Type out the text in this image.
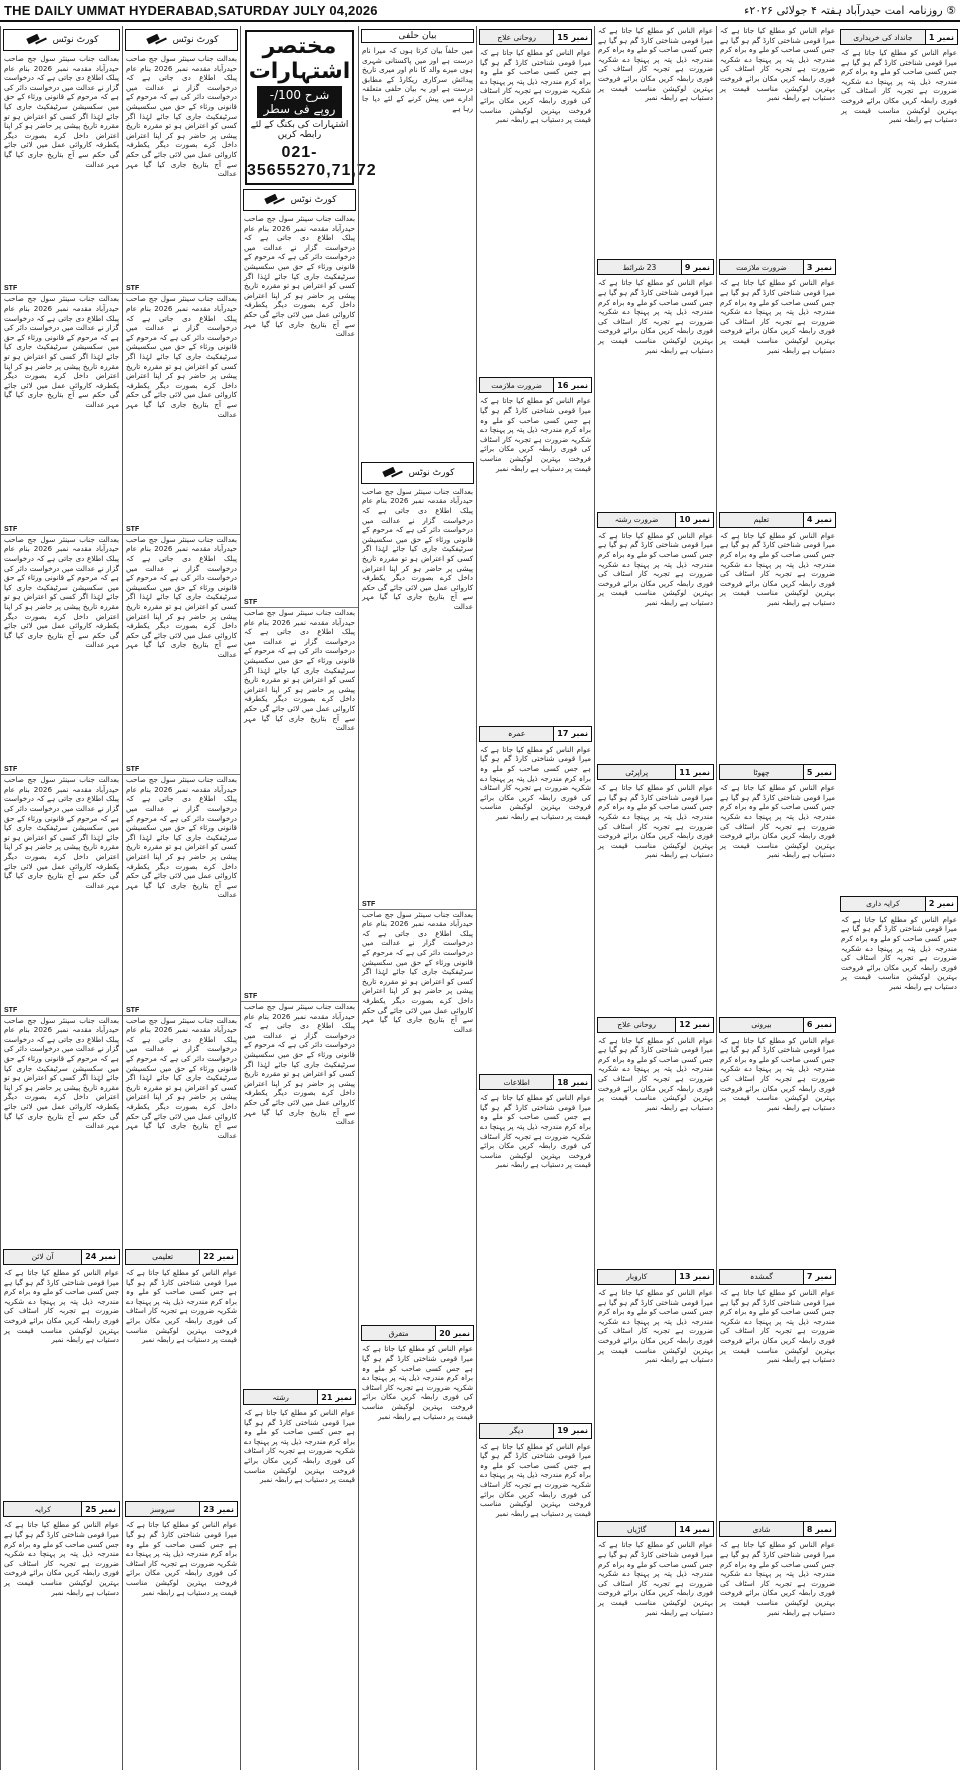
THE DAILY UMMAT HYDERABAD,SATURDAY JULY 04,2026	⑤ روزنامہ امت حیدرآباد ہفتہ ۴ جولائی ۲۰۲۶ء
کورٹ نوٹس
بعدالت جناب سینئر سول جج صاحب حیدرآباد مقدمہ نمبر 2026 بنام عام پبلک اطلاع دی جاتی ہے کہ درخواست گزار نے عدالت میں درخواست دائر کی ہے کہ مرحوم کے قانونی ورثاء کے حق میں سکسیشن سرٹیفکیٹ جاری کیا جائے لہٰذا اگر کسی کو اعتراض ہو تو مقررہ تاریخ پیشی پر حاضر ہو کر اپنا اعتراض داخل کرے بصورت دیگر یکطرفہ کاروائی عمل میں لائی جائے گی حکم سے آج بتاریخ جاری کیا گیا مہر عدالت
STF
بعدالت جناب سینئر سول جج صاحب حیدرآباد مقدمہ نمبر 2026 بنام عام پبلک اطلاع دی جاتی ہے کہ درخواست گزار نے عدالت میں درخواست دائر کی ہے کہ مرحوم کے قانونی ورثاء کے حق میں سکسیشن سرٹیفکیٹ جاری کیا جائے لہٰذا اگر کسی کو اعتراض ہو تو مقررہ تاریخ پیشی پر حاضر ہو کر اپنا اعتراض داخل کرے بصورت دیگر یکطرفہ کاروائی عمل میں لائی جائے گی حکم سے آج بتاریخ جاری کیا گیا مہر عدالت
STF
بعدالت جناب سینئر سول جج صاحب حیدرآباد مقدمہ نمبر 2026 بنام عام پبلک اطلاع دی جاتی ہے کہ درخواست گزار نے عدالت میں درخواست دائر کی ہے کہ مرحوم کے قانونی ورثاء کے حق میں سکسیشن سرٹیفکیٹ جاری کیا جائے لہٰذا اگر کسی کو اعتراض ہو تو مقررہ تاریخ پیشی پر حاضر ہو کر اپنا اعتراض داخل کرے بصورت دیگر یکطرفہ کاروائی عمل میں لائی جائے گی حکم سے آج بتاریخ جاری کیا گیا مہر عدالت
STF
بعدالت جناب سینئر سول جج صاحب حیدرآباد مقدمہ نمبر 2026 بنام عام پبلک اطلاع دی جاتی ہے کہ درخواست گزار نے عدالت میں درخواست دائر کی ہے کہ مرحوم کے قانونی ورثاء کے حق میں سکسیشن سرٹیفکیٹ جاری کیا جائے لہٰذا اگر کسی کو اعتراض ہو تو مقررہ تاریخ پیشی پر حاضر ہو کر اپنا اعتراض داخل کرے بصورت دیگر یکطرفہ کاروائی عمل میں لائی جائے گی حکم سے آج بتاریخ جاری کیا گیا مہر عدالت
STF
بعدالت جناب سینئر سول جج صاحب حیدرآباد مقدمہ نمبر 2026 بنام عام پبلک اطلاع دی جاتی ہے کہ درخواست گزار نے عدالت میں درخواست دائر کی ہے کہ مرحوم کے قانونی ورثاء کے حق میں سکسیشن سرٹیفکیٹ جاری کیا جائے لہٰذا اگر کسی کو اعتراض ہو تو مقررہ تاریخ پیشی پر حاضر ہو کر اپنا اعتراض داخل کرے بصورت دیگر یکطرفہ کاروائی عمل میں لائی جائے گی حکم سے آج بتاریخ جاری کیا گیا مہر عدالت
نمبر
24
آن لائن
عوام الناس کو مطلع کیا جاتا ہے کہ میرا قومی شناختی کارڈ گم ہو گیا ہے جس کسی صاحب کو ملے وہ براہ کرم مندرجہ ذیل پتہ پر پہنچا دے شکریہ ضرورت ہے تجربہ کار اسٹاف کی فوری رابطہ کریں مکان برائے فروخت بہترین لوکیشن مناسب قیمت پر دستیاب ہے رابطہ نمبر
نمبر
25
کرایہ
عوام الناس کو مطلع کیا جاتا ہے کہ میرا قومی شناختی کارڈ گم ہو گیا ہے جس کسی صاحب کو ملے وہ براہ کرم مندرجہ ذیل پتہ پر پہنچا دے شکریہ ضرورت ہے تجربہ کار اسٹاف کی فوری رابطہ کریں مکان برائے فروخت بہترین لوکیشن مناسب قیمت پر دستیاب ہے رابطہ نمبر
کورٹ نوٹس
بعدالت جناب سینئر سول جج صاحب حیدرآباد مقدمہ نمبر 2026 بنام عام پبلک اطلاع دی جاتی ہے کہ درخواست گزار نے عدالت میں درخواست دائر کی ہے کہ مرحوم کے قانونی ورثاء کے حق میں سکسیشن سرٹیفکیٹ جاری کیا جائے لہٰذا اگر کسی کو اعتراض ہو تو مقررہ تاریخ پیشی پر حاضر ہو کر اپنا اعتراض داخل کرے بصورت دیگر یکطرفہ کاروائی عمل میں لائی جائے گی حکم سے آج بتاریخ جاری کیا گیا مہر عدالت
STF
بعدالت جناب سینئر سول جج صاحب حیدرآباد مقدمہ نمبر 2026 بنام عام پبلک اطلاع دی جاتی ہے کہ درخواست گزار نے عدالت میں درخواست دائر کی ہے کہ مرحوم کے قانونی ورثاء کے حق میں سکسیشن سرٹیفکیٹ جاری کیا جائے لہٰذا اگر کسی کو اعتراض ہو تو مقررہ تاریخ پیشی پر حاضر ہو کر اپنا اعتراض داخل کرے بصورت دیگر یکطرفہ کاروائی عمل میں لائی جائے گی حکم سے آج بتاریخ جاری کیا گیا مہر عدالت
STF
بعدالت جناب سینئر سول جج صاحب حیدرآباد مقدمہ نمبر 2026 بنام عام پبلک اطلاع دی جاتی ہے کہ درخواست گزار نے عدالت میں درخواست دائر کی ہے کہ مرحوم کے قانونی ورثاء کے حق میں سکسیشن سرٹیفکیٹ جاری کیا جائے لہٰذا اگر کسی کو اعتراض ہو تو مقررہ تاریخ پیشی پر حاضر ہو کر اپنا اعتراض داخل کرے بصورت دیگر یکطرفہ کاروائی عمل میں لائی جائے گی حکم سے آج بتاریخ جاری کیا گیا مہر عدالت
STF
بعدالت جناب سینئر سول جج صاحب حیدرآباد مقدمہ نمبر 2026 بنام عام پبلک اطلاع دی جاتی ہے کہ درخواست گزار نے عدالت میں درخواست دائر کی ہے کہ مرحوم کے قانونی ورثاء کے حق میں سکسیشن سرٹیفکیٹ جاری کیا جائے لہٰذا اگر کسی کو اعتراض ہو تو مقررہ تاریخ پیشی پر حاضر ہو کر اپنا اعتراض داخل کرے بصورت دیگر یکطرفہ کاروائی عمل میں لائی جائے گی حکم سے آج بتاریخ جاری کیا گیا مہر عدالت
STF
بعدالت جناب سینئر سول جج صاحب حیدرآباد مقدمہ نمبر 2026 بنام عام پبلک اطلاع دی جاتی ہے کہ درخواست گزار نے عدالت میں درخواست دائر کی ہے کہ مرحوم کے قانونی ورثاء کے حق میں سکسیشن سرٹیفکیٹ جاری کیا جائے لہٰذا اگر کسی کو اعتراض ہو تو مقررہ تاریخ پیشی پر حاضر ہو کر اپنا اعتراض داخل کرے بصورت دیگر یکطرفہ کاروائی عمل میں لائی جائے گی حکم سے آج بتاریخ جاری کیا گیا مہر عدالت
نمبر
22
تعلیمی
عوام الناس کو مطلع کیا جاتا ہے کہ میرا قومی شناختی کارڈ گم ہو گیا ہے جس کسی صاحب کو ملے وہ براہ کرم مندرجہ ذیل پتہ پر پہنچا دے شکریہ ضرورت ہے تجربہ کار اسٹاف کی فوری رابطہ کریں مکان برائے فروخت بہترین لوکیشن مناسب قیمت پر دستیاب ہے رابطہ نمبر
نمبر
23
سروسز
عوام الناس کو مطلع کیا جاتا ہے کہ میرا قومی شناختی کارڈ گم ہو گیا ہے جس کسی صاحب کو ملے وہ براہ کرم مندرجہ ذیل پتہ پر پہنچا دے شکریہ ضرورت ہے تجربہ کار اسٹاف کی فوری رابطہ کریں مکان برائے فروخت بہترین لوکیشن مناسب قیمت پر دستیاب ہے رابطہ نمبر
مختصر اشتہارات
شرح 100/- روپے فی سطر
اشتہارات کی بکنگ کے لئے رابطہ کریں
021-35655270,71,72
کورٹ نوٹس
بعدالت جناب سینئر سول جج صاحب حیدرآباد مقدمہ نمبر 2026 بنام عام پبلک اطلاع دی جاتی ہے کہ درخواست گزار نے عدالت میں درخواست دائر کی ہے کہ مرحوم کے قانونی ورثاء کے حق میں سکسیشن سرٹیفکیٹ جاری کیا جائے لہٰذا اگر کسی کو اعتراض ہو تو مقررہ تاریخ پیشی پر حاضر ہو کر اپنا اعتراض داخل کرے بصورت دیگر یکطرفہ کاروائی عمل میں لائی جائے گی حکم سے آج بتاریخ جاری کیا گیا مہر عدالت
STF
بعدالت جناب سینئر سول جج صاحب حیدرآباد مقدمہ نمبر 2026 بنام عام پبلک اطلاع دی جاتی ہے کہ درخواست گزار نے عدالت میں درخواست دائر کی ہے کہ مرحوم کے قانونی ورثاء کے حق میں سکسیشن سرٹیفکیٹ جاری کیا جائے لہٰذا اگر کسی کو اعتراض ہو تو مقررہ تاریخ پیشی پر حاضر ہو کر اپنا اعتراض داخل کرے بصورت دیگر یکطرفہ کاروائی عمل میں لائی جائے گی حکم سے آج بتاریخ جاری کیا گیا مہر عدالت
STF
بعدالت جناب سینئر سول جج صاحب حیدرآباد مقدمہ نمبر 2026 بنام عام پبلک اطلاع دی جاتی ہے کہ درخواست گزار نے عدالت میں درخواست دائر کی ہے کہ مرحوم کے قانونی ورثاء کے حق میں سکسیشن سرٹیفکیٹ جاری کیا جائے لہٰذا اگر کسی کو اعتراض ہو تو مقررہ تاریخ پیشی پر حاضر ہو کر اپنا اعتراض داخل کرے بصورت دیگر یکطرفہ کاروائی عمل میں لائی جائے گی حکم سے آج بتاریخ جاری کیا گیا مہر عدالت
نمبر
21
رشتہ
عوام الناس کو مطلع کیا جاتا ہے کہ میرا قومی شناختی کارڈ گم ہو گیا ہے جس کسی صاحب کو ملے وہ براہ کرم مندرجہ ذیل پتہ پر پہنچا دے شکریہ ضرورت ہے تجربہ کار اسٹاف کی فوری رابطہ کریں مکان برائے فروخت بہترین لوکیشن مناسب قیمت پر دستیاب ہے رابطہ نمبر
بیان حلفی
میں حلفاً بیان کرتا ہوں کہ میرا نام درست ہے اور میں پاکستانی شہری ہوں میرے والد کا نام اور میری تاریخ پیدائش سرکاری ریکارڈ کے مطابق درست ہے اور یہ بیان حلفی متعلقہ ادارے میں پیش کرنے کے لئے دیا جا رہا ہے
کورٹ نوٹس
بعدالت جناب سینئر سول جج صاحب حیدرآباد مقدمہ نمبر 2026 بنام عام پبلک اطلاع دی جاتی ہے کہ درخواست گزار نے عدالت میں درخواست دائر کی ہے کہ مرحوم کے قانونی ورثاء کے حق میں سکسیشن سرٹیفکیٹ جاری کیا جائے لہٰذا اگر کسی کو اعتراض ہو تو مقررہ تاریخ پیشی پر حاضر ہو کر اپنا اعتراض داخل کرے بصورت دیگر یکطرفہ کاروائی عمل میں لائی جائے گی حکم سے آج بتاریخ جاری کیا گیا مہر عدالت
STF
بعدالت جناب سینئر سول جج صاحب حیدرآباد مقدمہ نمبر 2026 بنام عام پبلک اطلاع دی جاتی ہے کہ درخواست گزار نے عدالت میں درخواست دائر کی ہے کہ مرحوم کے قانونی ورثاء کے حق میں سکسیشن سرٹیفکیٹ جاری کیا جائے لہٰذا اگر کسی کو اعتراض ہو تو مقررہ تاریخ پیشی پر حاضر ہو کر اپنا اعتراض داخل کرے بصورت دیگر یکطرفہ کاروائی عمل میں لائی جائے گی حکم سے آج بتاریخ جاری کیا گیا مہر عدالت
نمبر
20
متفرق
عوام الناس کو مطلع کیا جاتا ہے کہ میرا قومی شناختی کارڈ گم ہو گیا ہے جس کسی صاحب کو ملے وہ براہ کرم مندرجہ ذیل پتہ پر پہنچا دے شکریہ ضرورت ہے تجربہ کار اسٹاف کی فوری رابطہ کریں مکان برائے فروخت بہترین لوکیشن مناسب قیمت پر دستیاب ہے رابطہ نمبر
نمبر
15
روحانی علاج
عوام الناس کو مطلع کیا جاتا ہے کہ میرا قومی شناختی کارڈ گم ہو گیا ہے جس کسی صاحب کو ملے وہ براہ کرم مندرجہ ذیل پتہ پر پہنچا دے شکریہ ضرورت ہے تجربہ کار اسٹاف کی فوری رابطہ کریں مکان برائے فروخت بہترین لوکیشن مناسب قیمت پر دستیاب ہے رابطہ نمبر
نمبر
16
ضرورت ملازمت
عوام الناس کو مطلع کیا جاتا ہے کہ میرا قومی شناختی کارڈ گم ہو گیا ہے جس کسی صاحب کو ملے وہ براہ کرم مندرجہ ذیل پتہ پر پہنچا دے شکریہ ضرورت ہے تجربہ کار اسٹاف کی فوری رابطہ کریں مکان برائے فروخت بہترین لوکیشن مناسب قیمت پر دستیاب ہے رابطہ نمبر
نمبر
17
عمرہ
عوام الناس کو مطلع کیا جاتا ہے کہ میرا قومی شناختی کارڈ گم ہو گیا ہے جس کسی صاحب کو ملے وہ براہ کرم مندرجہ ذیل پتہ پر پہنچا دے شکریہ ضرورت ہے تجربہ کار اسٹاف کی فوری رابطہ کریں مکان برائے فروخت بہترین لوکیشن مناسب قیمت پر دستیاب ہے رابطہ نمبر
نمبر
18
اطلاعات
عوام الناس کو مطلع کیا جاتا ہے کہ میرا قومی شناختی کارڈ گم ہو گیا ہے جس کسی صاحب کو ملے وہ براہ کرم مندرجہ ذیل پتہ پر پہنچا دے شکریہ ضرورت ہے تجربہ کار اسٹاف کی فوری رابطہ کریں مکان برائے فروخت بہترین لوکیشن مناسب قیمت پر دستیاب ہے رابطہ نمبر
نمبر
19
دیگر
عوام الناس کو مطلع کیا جاتا ہے کہ میرا قومی شناختی کارڈ گم ہو گیا ہے جس کسی صاحب کو ملے وہ براہ کرم مندرجہ ذیل پتہ پر پہنچا دے شکریہ ضرورت ہے تجربہ کار اسٹاف کی فوری رابطہ کریں مکان برائے فروخت بہترین لوکیشن مناسب قیمت پر دستیاب ہے رابطہ نمبر
عوام الناس کو مطلع کیا جاتا ہے کہ میرا قومی شناختی کارڈ گم ہو گیا ہے جس کسی صاحب کو ملے وہ براہ کرم مندرجہ ذیل پتہ پر پہنچا دے شکریہ ضرورت ہے تجربہ کار اسٹاف کی فوری رابطہ کریں مکان برائے فروخت بہترین لوکیشن مناسب قیمت پر دستیاب ہے رابطہ نمبر
نمبر
9
23 شرائط
عوام الناس کو مطلع کیا جاتا ہے کہ میرا قومی شناختی کارڈ گم ہو گیا ہے جس کسی صاحب کو ملے وہ براہ کرم مندرجہ ذیل پتہ پر پہنچا دے شکریہ ضرورت ہے تجربہ کار اسٹاف کی فوری رابطہ کریں مکان برائے فروخت بہترین لوکیشن مناسب قیمت پر دستیاب ہے رابطہ نمبر
نمبر
10
ضرورت رشتہ
عوام الناس کو مطلع کیا جاتا ہے کہ میرا قومی شناختی کارڈ گم ہو گیا ہے جس کسی صاحب کو ملے وہ براہ کرم مندرجہ ذیل پتہ پر پہنچا دے شکریہ ضرورت ہے تجربہ کار اسٹاف کی فوری رابطہ کریں مکان برائے فروخت بہترین لوکیشن مناسب قیمت پر دستیاب ہے رابطہ نمبر
نمبر
11
پراپرٹی
عوام الناس کو مطلع کیا جاتا ہے کہ میرا قومی شناختی کارڈ گم ہو گیا ہے جس کسی صاحب کو ملے وہ براہ کرم مندرجہ ذیل پتہ پر پہنچا دے شکریہ ضرورت ہے تجربہ کار اسٹاف کی فوری رابطہ کریں مکان برائے فروخت بہترین لوکیشن مناسب قیمت پر دستیاب ہے رابطہ نمبر
نمبر
12
روحانی علاج
عوام الناس کو مطلع کیا جاتا ہے کہ میرا قومی شناختی کارڈ گم ہو گیا ہے جس کسی صاحب کو ملے وہ براہ کرم مندرجہ ذیل پتہ پر پہنچا دے شکریہ ضرورت ہے تجربہ کار اسٹاف کی فوری رابطہ کریں مکان برائے فروخت بہترین لوکیشن مناسب قیمت پر دستیاب ہے رابطہ نمبر
نمبر
13
کاروبار
عوام الناس کو مطلع کیا جاتا ہے کہ میرا قومی شناختی کارڈ گم ہو گیا ہے جس کسی صاحب کو ملے وہ براہ کرم مندرجہ ذیل پتہ پر پہنچا دے شکریہ ضرورت ہے تجربہ کار اسٹاف کی فوری رابطہ کریں مکان برائے فروخت بہترین لوکیشن مناسب قیمت پر دستیاب ہے رابطہ نمبر
نمبر
14
گاڑیاں
عوام الناس کو مطلع کیا جاتا ہے کہ میرا قومی شناختی کارڈ گم ہو گیا ہے جس کسی صاحب کو ملے وہ براہ کرم مندرجہ ذیل پتہ پر پہنچا دے شکریہ ضرورت ہے تجربہ کار اسٹاف کی فوری رابطہ کریں مکان برائے فروخت بہترین لوکیشن مناسب قیمت پر دستیاب ہے رابطہ نمبر
عوام الناس کو مطلع کیا جاتا ہے کہ میرا قومی شناختی کارڈ گم ہو گیا ہے جس کسی صاحب کو ملے وہ براہ کرم مندرجہ ذیل پتہ پر پہنچا دے شکریہ ضرورت ہے تجربہ کار اسٹاف کی فوری رابطہ کریں مکان برائے فروخت بہترین لوکیشن مناسب قیمت پر دستیاب ہے رابطہ نمبر
نمبر
3
ضرورت ملازمت
عوام الناس کو مطلع کیا جاتا ہے کہ میرا قومی شناختی کارڈ گم ہو گیا ہے جس کسی صاحب کو ملے وہ براہ کرم مندرجہ ذیل پتہ پر پہنچا دے شکریہ ضرورت ہے تجربہ کار اسٹاف کی فوری رابطہ کریں مکان برائے فروخت بہترین لوکیشن مناسب قیمت پر دستیاب ہے رابطہ نمبر
نمبر
4
تعلیم
عوام الناس کو مطلع کیا جاتا ہے کہ میرا قومی شناختی کارڈ گم ہو گیا ہے جس کسی صاحب کو ملے وہ براہ کرم مندرجہ ذیل پتہ پر پہنچا دے شکریہ ضرورت ہے تجربہ کار اسٹاف کی فوری رابطہ کریں مکان برائے فروخت بہترین لوکیشن مناسب قیمت پر دستیاب ہے رابطہ نمبر
نمبر
5
چھوٹا
عوام الناس کو مطلع کیا جاتا ہے کہ میرا قومی شناختی کارڈ گم ہو گیا ہے جس کسی صاحب کو ملے وہ براہ کرم مندرجہ ذیل پتہ پر پہنچا دے شکریہ ضرورت ہے تجربہ کار اسٹاف کی فوری رابطہ کریں مکان برائے فروخت بہترین لوکیشن مناسب قیمت پر دستیاب ہے رابطہ نمبر
نمبر
6
بیرونی
عوام الناس کو مطلع کیا جاتا ہے کہ میرا قومی شناختی کارڈ گم ہو گیا ہے جس کسی صاحب کو ملے وہ براہ کرم مندرجہ ذیل پتہ پر پہنچا دے شکریہ ضرورت ہے تجربہ کار اسٹاف کی فوری رابطہ کریں مکان برائے فروخت بہترین لوکیشن مناسب قیمت پر دستیاب ہے رابطہ نمبر
نمبر
7
گمشدہ
عوام الناس کو مطلع کیا جاتا ہے کہ میرا قومی شناختی کارڈ گم ہو گیا ہے جس کسی صاحب کو ملے وہ براہ کرم مندرجہ ذیل پتہ پر پہنچا دے شکریہ ضرورت ہے تجربہ کار اسٹاف کی فوری رابطہ کریں مکان برائے فروخت بہترین لوکیشن مناسب قیمت پر دستیاب ہے رابطہ نمبر
نمبر
8
شادی
عوام الناس کو مطلع کیا جاتا ہے کہ میرا قومی شناختی کارڈ گم ہو گیا ہے جس کسی صاحب کو ملے وہ براہ کرم مندرجہ ذیل پتہ پر پہنچا دے شکریہ ضرورت ہے تجربہ کار اسٹاف کی فوری رابطہ کریں مکان برائے فروخت بہترین لوکیشن مناسب قیمت پر دستیاب ہے رابطہ نمبر
نمبر
1
جانداد کی خریداری
عوام الناس کو مطلع کیا جاتا ہے کہ میرا قومی شناختی کارڈ گم ہو گیا ہے جس کسی صاحب کو ملے وہ براہ کرم مندرجہ ذیل پتہ پر پہنچا دے شکریہ ضرورت ہے تجربہ کار اسٹاف کی فوری رابطہ کریں مکان برائے فروخت بہترین لوکیشن مناسب قیمت پر دستیاب ہے رابطہ نمبر
نمبر
2
کرایہ داری
عوام الناس کو مطلع کیا جاتا ہے کہ میرا قومی شناختی کارڈ گم ہو گیا ہے جس کسی صاحب کو ملے وہ براہ کرم مندرجہ ذیل پتہ پر پہنچا دے شکریہ ضرورت ہے تجربہ کار اسٹاف کی فوری رابطہ کریں مکان برائے فروخت بہترین لوکیشن مناسب قیمت پر دستیاب ہے رابطہ نمبر
